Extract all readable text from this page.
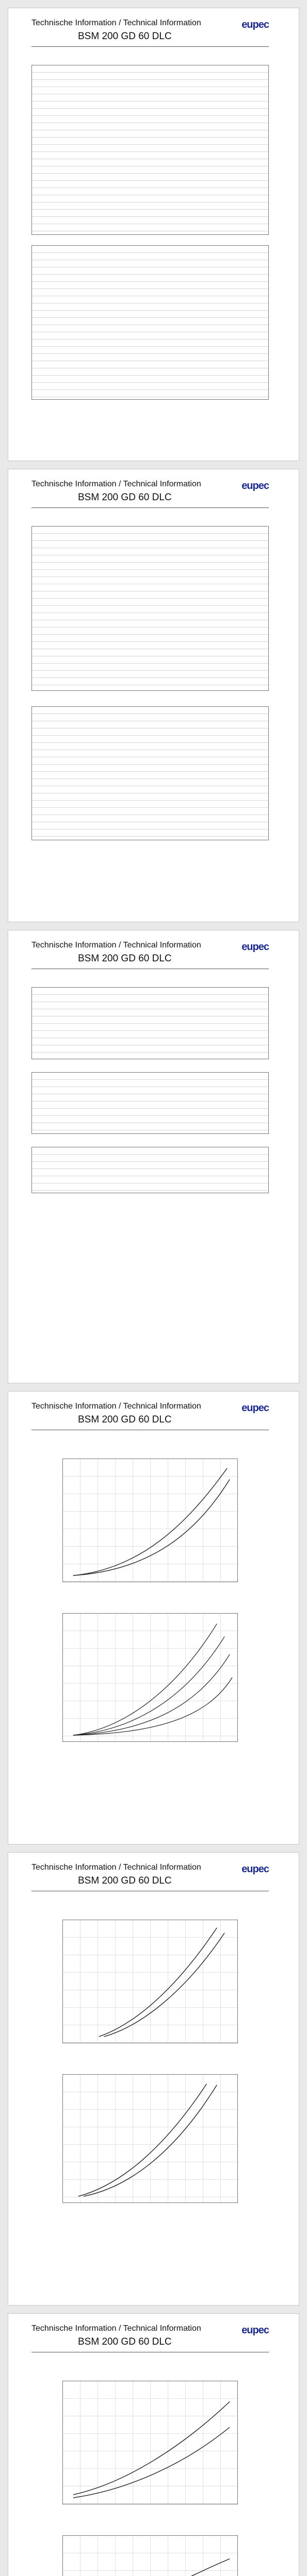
Technische Information / Technical Information
BSM 200 GD 60 DLC
eupec
Technische Information / Technical Information
BSM 200 GD 60 DLC
eupec
Technische Information / Technical Information
BSM 200 GD 60 DLC
eupec
Technische Information / Technical Information
BSM 200 GD 60 DLC
eupec
Technische Information / Technical Information
BSM 200 GD 60 DLC
eupec
Technische Information / Technical Information
BSM 200 GD 60 DLC
eupec
